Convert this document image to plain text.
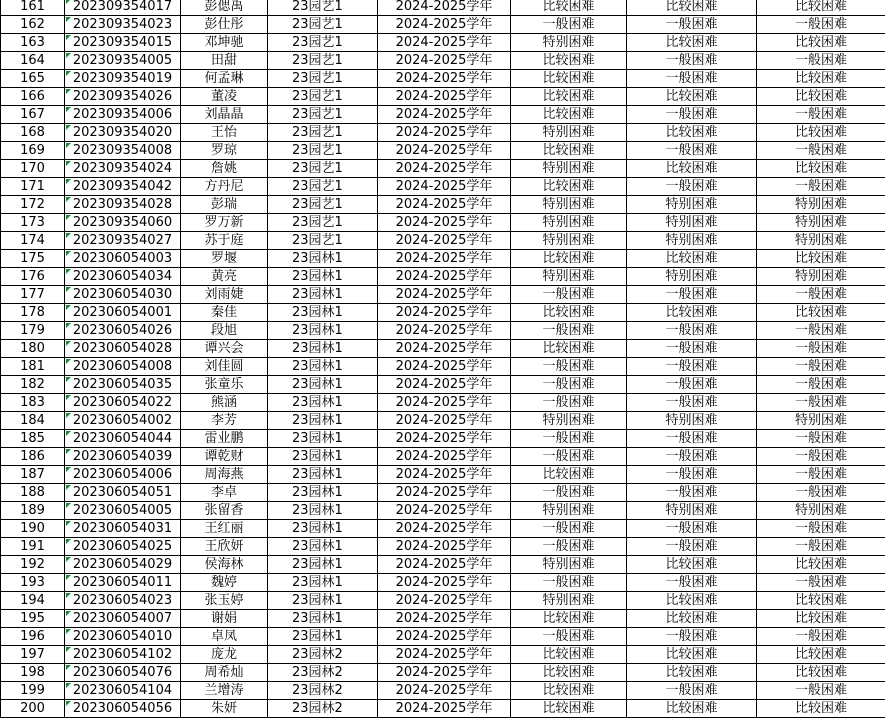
161	202309354017	彭偲禹	23园艺1	2024-2025学年	比较困难	比较困难	比较困难
162	202309354023	彭仕彤	23园艺1	2024-2025学年	一般困难	一般困难	一般困难
163	202309354015	邓坤驰	23园艺1	2024-2025学年	特别困难	比较困难	比较困难
164	202309354005	田甜	23园艺1	2024-2025学年	比较困难	一般困难	一般困难
165	202309354019	何孟琳	23园艺1	2024-2025学年	比较困难	一般困难	比较困难
166	202309354026	董凌	23园艺1	2024-2025学年	比较困难	比较困难	比较困难
167	202309354006	刘晶晶	23园艺1	2024-2025学年	比较困难	一般困难	一般困难
168	202309354020	王怡	23园艺1	2024-2025学年	特别困难	比较困难	比较困难
169	202309354008	罗琼	23园艺1	2024-2025学年	比较困难	一般困难	一般困难
170	202309354024	詹姚	23园艺1	2024-2025学年	特别困难	比较困难	比较困难
171	202309354042	方丹尼	23园艺1	2024-2025学年	比较困难	一般困难	一般困难
172	202309354028	彭瑞	23园艺1	2024-2025学年	特别困难	特别困难	特别困难
173	202309354060	罗万新	23园艺1	2024-2025学年	特别困难	特别困难	特别困难
174	202309354027	苏于庭	23园艺1	2024-2025学年	特别困难	特别困难	特别困难
175	202306054003	罗堰	23园林1	2024-2025学年	比较困难	比较困难	比较困难
176	202306054034	黄亮	23园林1	2024-2025学年	特别困难	特别困难	特别困难
177	202306054030	刘雨婕	23园林1	2024-2025学年	一般困难	一般困难	一般困难
178	202306054001	秦佳	23园林1	2024-2025学年	比较困难	比较困难	比较困难
179	202306054026	段旭	23园林1	2024-2025学年	一般困难	一般困难	一般困难
180	202306054028	谭兴会	23园林1	2024-2025学年	比较困难	一般困难	一般困难
181	202306054008	刘佳圆	23园林1	2024-2025学年	一般困难	一般困难	一般困难
182	202306054035	张童乐	23园林1	2024-2025学年	一般困难	一般困难	一般困难
183	202306054022	熊涵	23园林1	2024-2025学年	一般困难	一般困难	一般困难
184	202306054002	李芳	23园林1	2024-2025学年	特别困难	特别困难	特别困难
185	202306054044	雷业鹏	23园林1	2024-2025学年	一般困难	一般困难	一般困难
186	202306054039	谭乾财	23园林1	2024-2025学年	一般困难	一般困难	一般困难
187	202306054006	周海燕	23园林1	2024-2025学年	比较困难	一般困难	一般困难
188	202306054051	李卓	23园林1	2024-2025学年	一般困难	一般困难	一般困难
189	202306054005	张留香	23园林1	2024-2025学年	特别困难	特别困难	特别困难
190	202306054031	王红丽	23园林1	2024-2025学年	一般困难	一般困难	一般困难
191	202306054025	王欣妍	23园林1	2024-2025学年	一般困难	一般困难	一般困难
192	202306054029	侯海林	23园林1	2024-2025学年	特别困难	比较困难	比较困难
193	202306054011	魏婷	23园林1	2024-2025学年	一般困难	一般困难	一般困难
194	202306054023	张玉婷	23园林1	2024-2025学年	特别困难	比较困难	比较困难
195	202306054007	谢娟	23园林1	2024-2025学年	比较困难	比较困难	比较困难
196	202306054010	卓凤	23园林1	2024-2025学年	一般困难	一般困难	一般困难
197	202306054102	庞龙	23园林2	2024-2025学年	比较困难	比较困难	比较困难
198	202306054076	周希灿	23园林2	2024-2025学年	比较困难	比较困难	比较困难
199	202306054104	兰增涛	23园林2	2024-2025学年	比较困难	一般困难	一般困难
200	202306054056	朱妍	23园林2	2024-2025学年	比较困难	比较困难	比较困难
